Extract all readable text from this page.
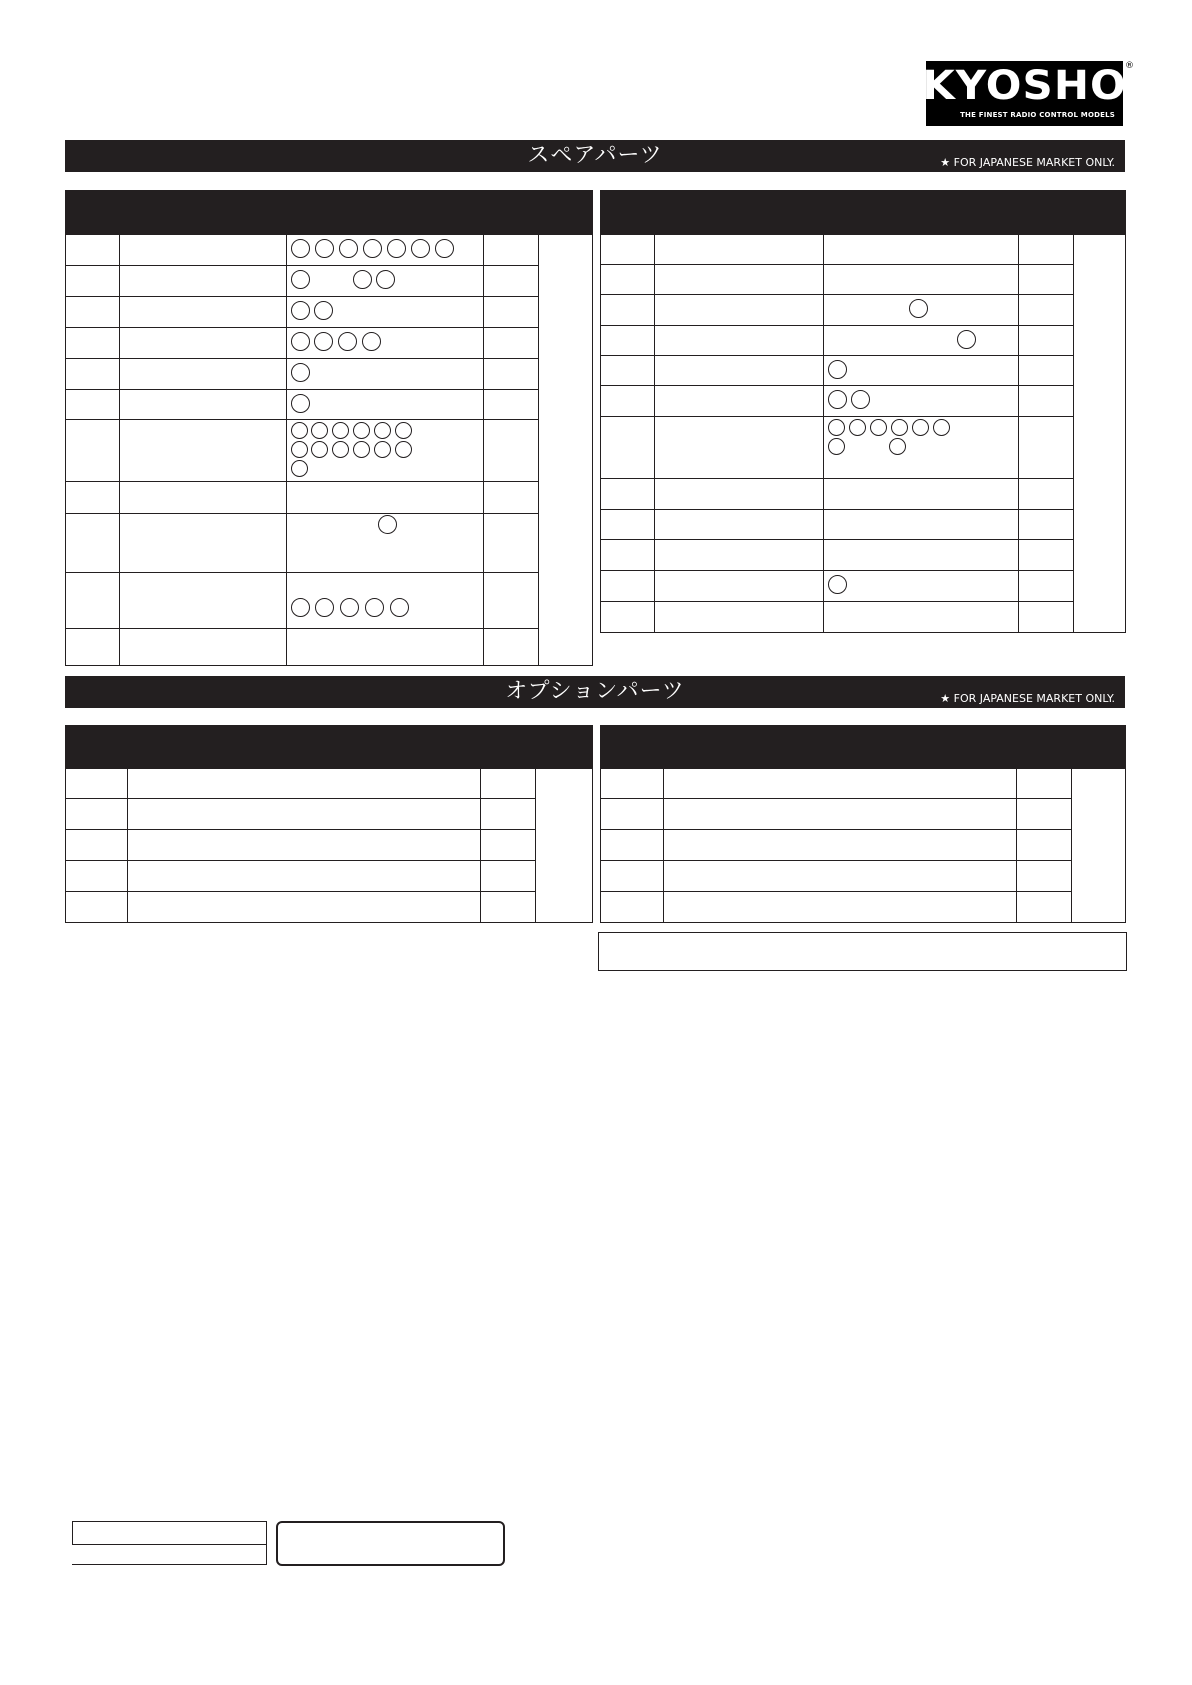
KYOSHO
THE FINEST RADIO CONTROL MODELS
®
スペアパーツ	★ FOR JAPANESE MARKET ONLY.
オプションパーツ	★ FOR JAPANESE MARKET ONLY.
